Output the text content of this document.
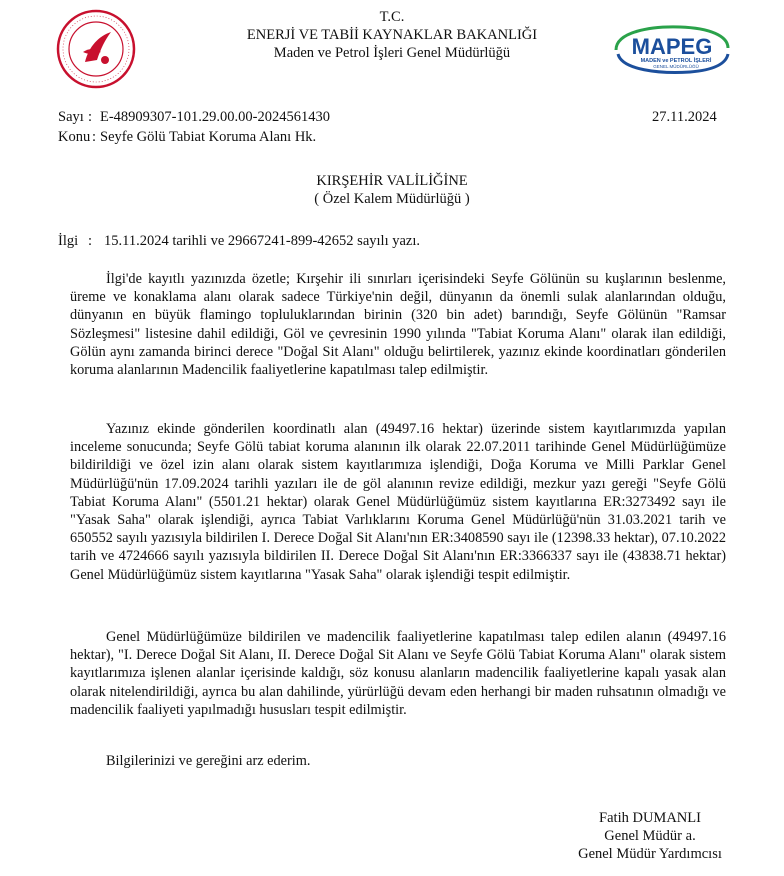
T.C.
ENERJİ VE TABİİ KAYNAKLAR BAKANLIĞI
Maden ve Petrol İşleri Genel Müdürlüğü	MAPEG
MADEN ve PETROL İŞLERİ
GENEL MÜDÜRLÜĞÜ
Sayı : E-48909307-101.29.00.00-2024561430	27.11.2024
Konu : Seyfe Gölü Tabiat Koruma Alanı Hk.
KIRŞEHİR VALİLİĞİNE
( Özel Kalem Müdürlüğü )
İlgi : 15.11.2024 tarihli ve 29667241-899-42652 sayılı yazı.

İlgi'de kayıtlı yazınızda özetle; Kırşehir ili sınırları içerisindeki Seyfe Gölünün su kuşlarının beslenme, üreme ve konaklama alanı olarak sadece Türkiye'nin değil, dünyanın da önemli sulak alanlarından olduğu, dünyanın en büyük flamingo topluluklarından birinin (320 bin adet) barındığı, Seyfe Gölünün "Ramsar Sözleşmesi" listesine dahil edildiği, Göl ve çevresinin 1990 yılında "Tabiat Koruma Alanı" olarak ilan edildiği, Gölün aynı zamanda birinci derece "Doğal Sit Alanı" olduğu belirtilerek, yazınız ekinde koordinatları gönderilen koruma alanlarının Madencilik faaliyetlerine kapatılması talep edilmiştir.

Yazınız ekinde gönderilen koordinatlı alan (49497.16 hektar) üzerinde sistem kayıtlarımızda yapılan inceleme sonucunda; Seyfe Gölü tabiat koruma alanının ilk olarak 22.07.2011 tarihinde Genel Müdürlüğümüze bildirildiği ve özel izin alanı olarak sistem kayıtlarımıza işlendiği, Doğa Koruma ve Milli Parklar Genel Müdürlüğü'nün 17.09.2024 tarihli yazıları ile de göl alanının revize edildiği, mezkur yazı gereği "Seyfe Gölü Tabiat Koruma Alanı" (5501.21 hektar) olarak Genel Müdürlüğümüz sistem kayıtlarına ER:3273492 sayı ile "Yasak Saha" olarak işlendiği, ayrıca Tabiat Varlıklarını Koruma Genel Müdürlüğü'nün 31.03.2021 tarih ve 650552 sayılı yazısıyla bildirilen I. Derece Doğal Sit Alanı'nın ER:3408590 sayı ile (12398.33 hektar), 07.10.2022 tarih ve 4724666 sayılı yazısıyla bildirilen II. Derece Doğal Sit Alanı'nın ER:3366337 sayı ile (43838.71 hektar) Genel Müdürlüğümüz sistem kayıtlarına "Yasak Saha" olarak işlendiği tespit edilmiştir.

Genel Müdürlüğümüze bildirilen ve madencilik faaliyetlerine kapatılması talep edilen alanın (49497.16 hektar), "I. Derece Doğal Sit Alanı, II. Derece Doğal Sit Alanı ve Seyfe Gölü Tabiat Koruma Alanı" olarak sistem kayıtlarımıza işlenen alanlar içerisinde kaldığı, söz konusu alanların madencilik faaliyetlerine kapalı yasak alan olarak nitelendirildiği, ayrıca bu alan dahilinde, yürürlüğü devam eden herhangi bir maden ruhsatının olmadığı ve madencilik faaliyeti yapılmadığı hususları tespit edilmiştir.

Bilgilerinizi ve gereğini arz ederim.

Fatih DUMANLI
Genel Müdür a.
Genel Müdür Yardımcısı
